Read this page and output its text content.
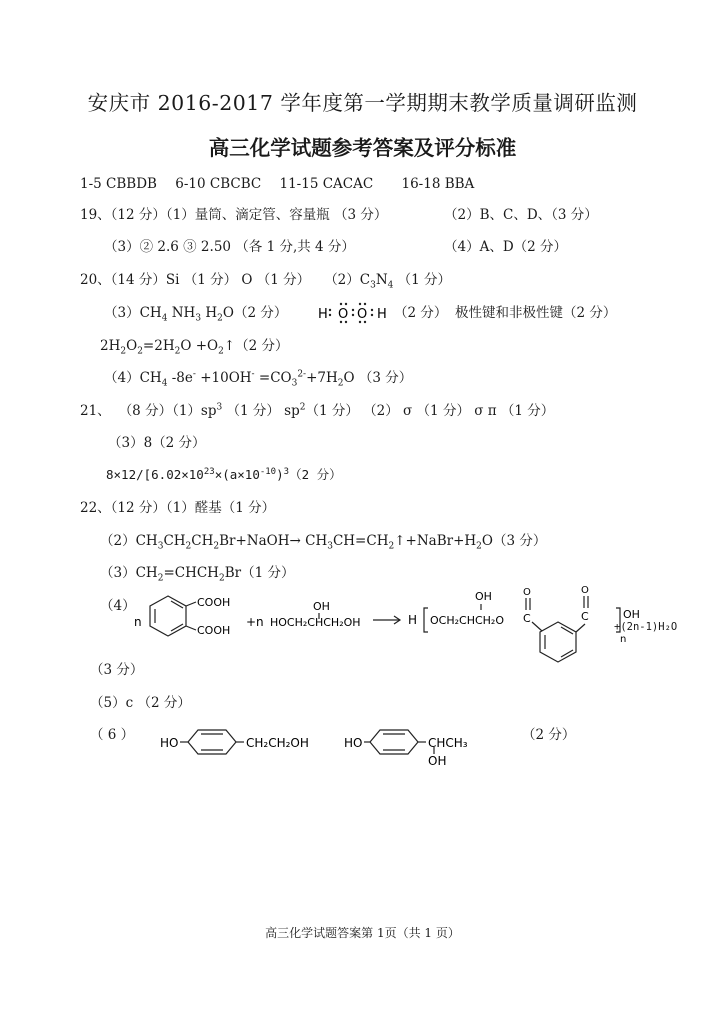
安庆市 2016-2017 学年度第一学期期末教学质量调研监测
高三化学试题参考答案及评分标准
1-5 CBBDB 6-10 CBCBC 11-15 CACAC 16-18 BBA
19、（12 分）（1）量筒、滴定管、容量瓶 （3 分）	（2）B、C、D、（3 分）
（3）② 2.6 ③ 2.50 （各 1 分,共 4 分）	（4）A、D（2 分）
20、（14 分）Si （1 分） O （1 分） $(2)C_3N_4$ （1 分）
$(3)CH_4$ $NH_3$ $H_2O(2$ 分） H O O H （2 分） 极性键和非极性键（2 分）
$2H_2O_2=2H_2O$ $+O_2↑(2$ 分）
$(4)CH_4$ $-8e^- +10OH^- =CO_3^{2-}+7H_2O$ （3 分）
21、 （8 分）$(1)sp^3$ （1 分） $sp^2(1$ 分） （2） σ （1 分） σ π （1 分）
（3）8（2 分）
$8\times 12/[6.02\times 10^{23}\times(a\times 10^{-10})^3(2$ 分）
22、（12 分）（1）醛基（1 分）
$(2)CH_3CH_2CH_2Br+NaOH\to$ $CH_3CH=CH_2↑+NaBr+H_2O(3$ 分）
$(3)CH_2=CHCH_2Br(1$ 分）
（4）
n
COOH
COOH
+n HOCH₂CHCH₂OH
OH
H OCH₂CHCH₂O
OH	O
C
O
C	OH
n
+(2n-1)H₂O
（3 分）
（5）c （2 分）
（ 6 ） HO	CH₂CH₂OH	HO	CHCH₃
OH
（2 分）
高三化学试题答案第 1页（共 1 页）
